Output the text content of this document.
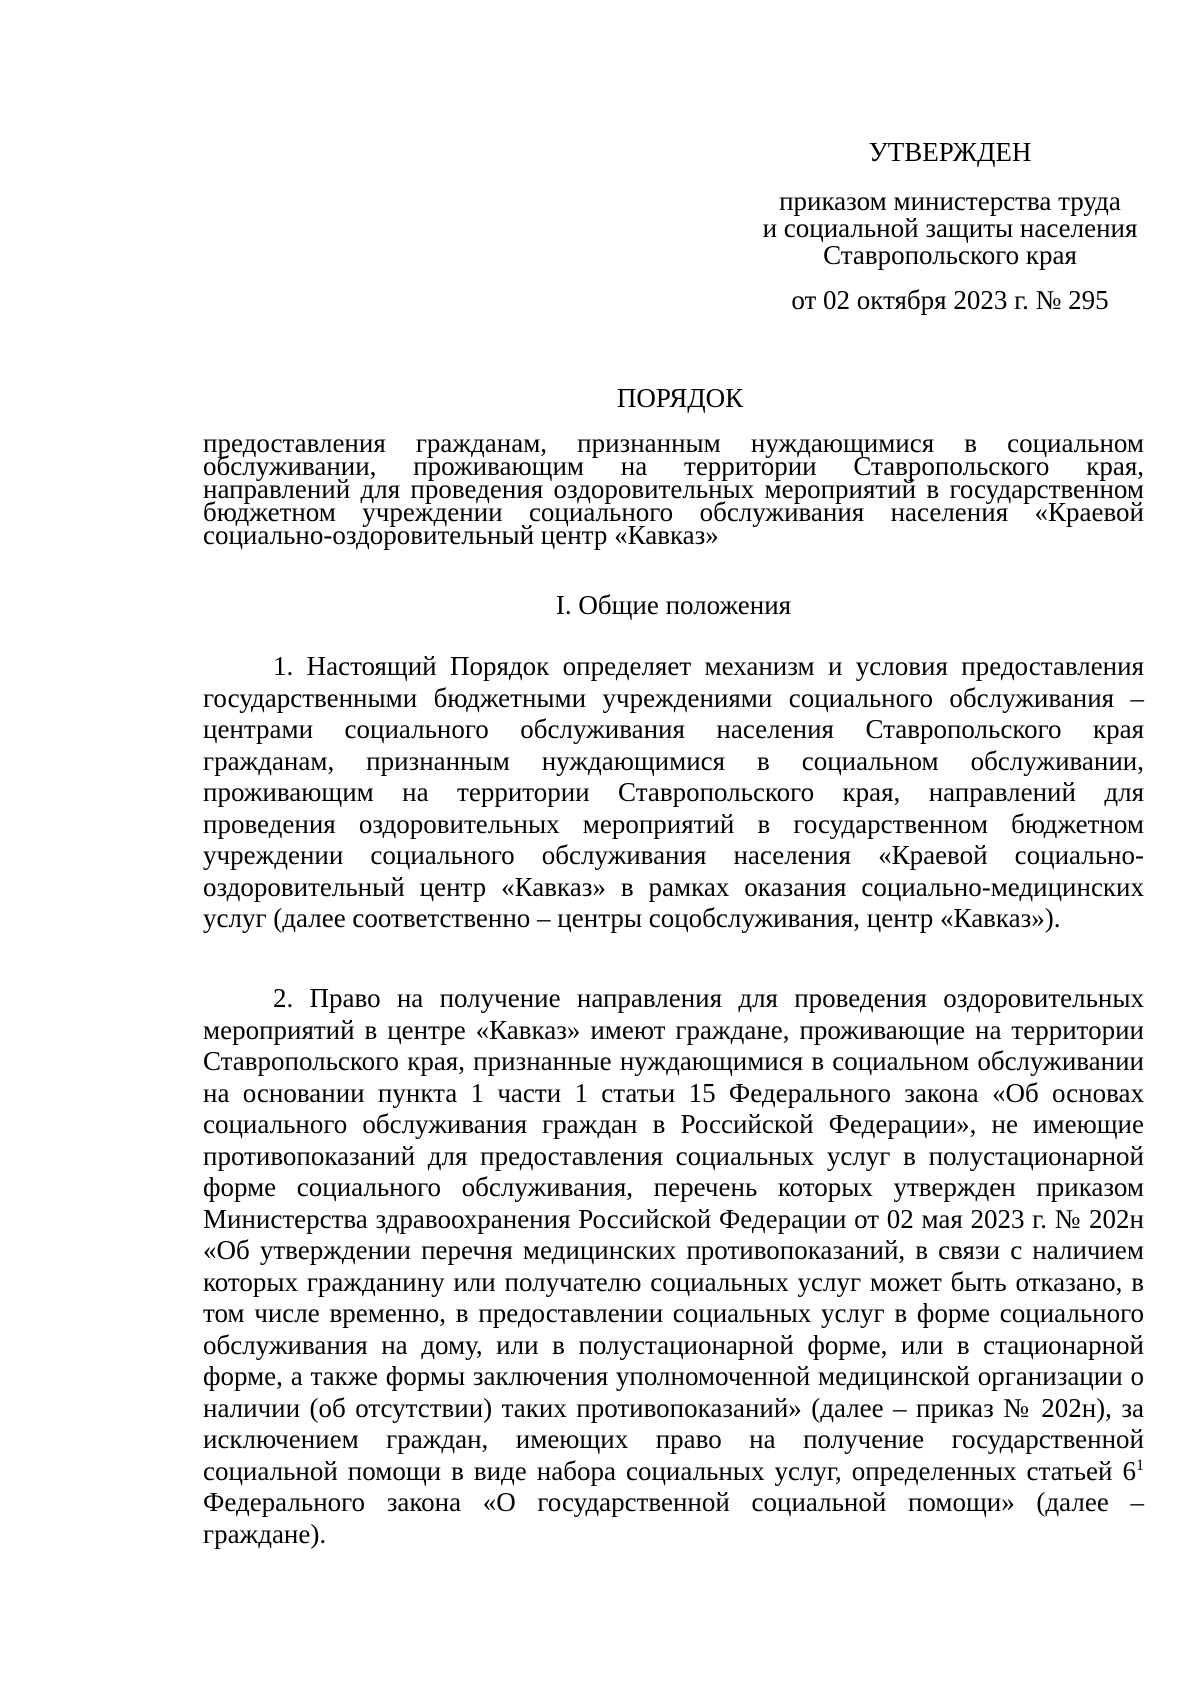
УТВЕРЖДЕН
приказом министерства труда
и социальной защиты населения
Ставропольского края
от 02 октября 2023 г. № 295
ПОРЯДОК
предоставления гражданам, признанным нуждающимися в социальном обслуживании, проживающим на территории Ставропольского края, направлений для проведения оздоровительных мероприятий в государственном бюджетном учреждении социального обслуживания населения «Краевой социально-оздоровительный центр «Кавказ»
I. Общие положения
1. Настоящий Порядок определяет механизм и условия предоставления государственными бюджетными учреждениями социального обслуживания – центрами социального обслуживания населения Ставропольского края гражданам, признанным нуждающимися в социальном обслуживании, проживающим на территории Ставропольского края, направлений для проведения оздоровительных мероприятий в государственном бюджетном учреждении социального обслуживания населения «Краевой социально-оздоровительный центр «Кавказ» в рамках оказания социально-медицинских услуг (далее соответственно – центры соцобслуживания, центр «Кавказ»).
2. Право на получение направления для проведения оздоровительных мероприятий в центре «Кавказ» имеют граждане, проживающие на территории Ставропольского края, признанные нуждающимися в социальном обслуживании на основании пункта 1 части 1 статьи 15 Федерального закона «Об основах социального обслуживания граждан в Российской Федерации», не имеющие противопоказаний для предоставления социальных услуг в полустационарной форме социального обслуживания, перечень которых утвержден приказом Министерства здравоохранения Российской Федерации от 02 мая 2023 г. № 202н «Об утверждении перечня медицинских противопоказаний, в связи с наличием которых гражданину или получателю социальных услуг может быть отказано, в том числе временно, в предоставлении социальных услуг в форме социального обслуживания на дому, или в полустационарной форме, или в стационарной форме, а также формы заключения уполномоченной медицинской организации о наличии (об отсутствии) таких противопоказаний» (далее – приказ № 202н), за исключением граждан, имеющих право на получение государственной социальной помощи в виде набора социальных услуг, определенных статьей $6^1$ Федерального закона «О государственной социальной помощи» (далее – граждане).
